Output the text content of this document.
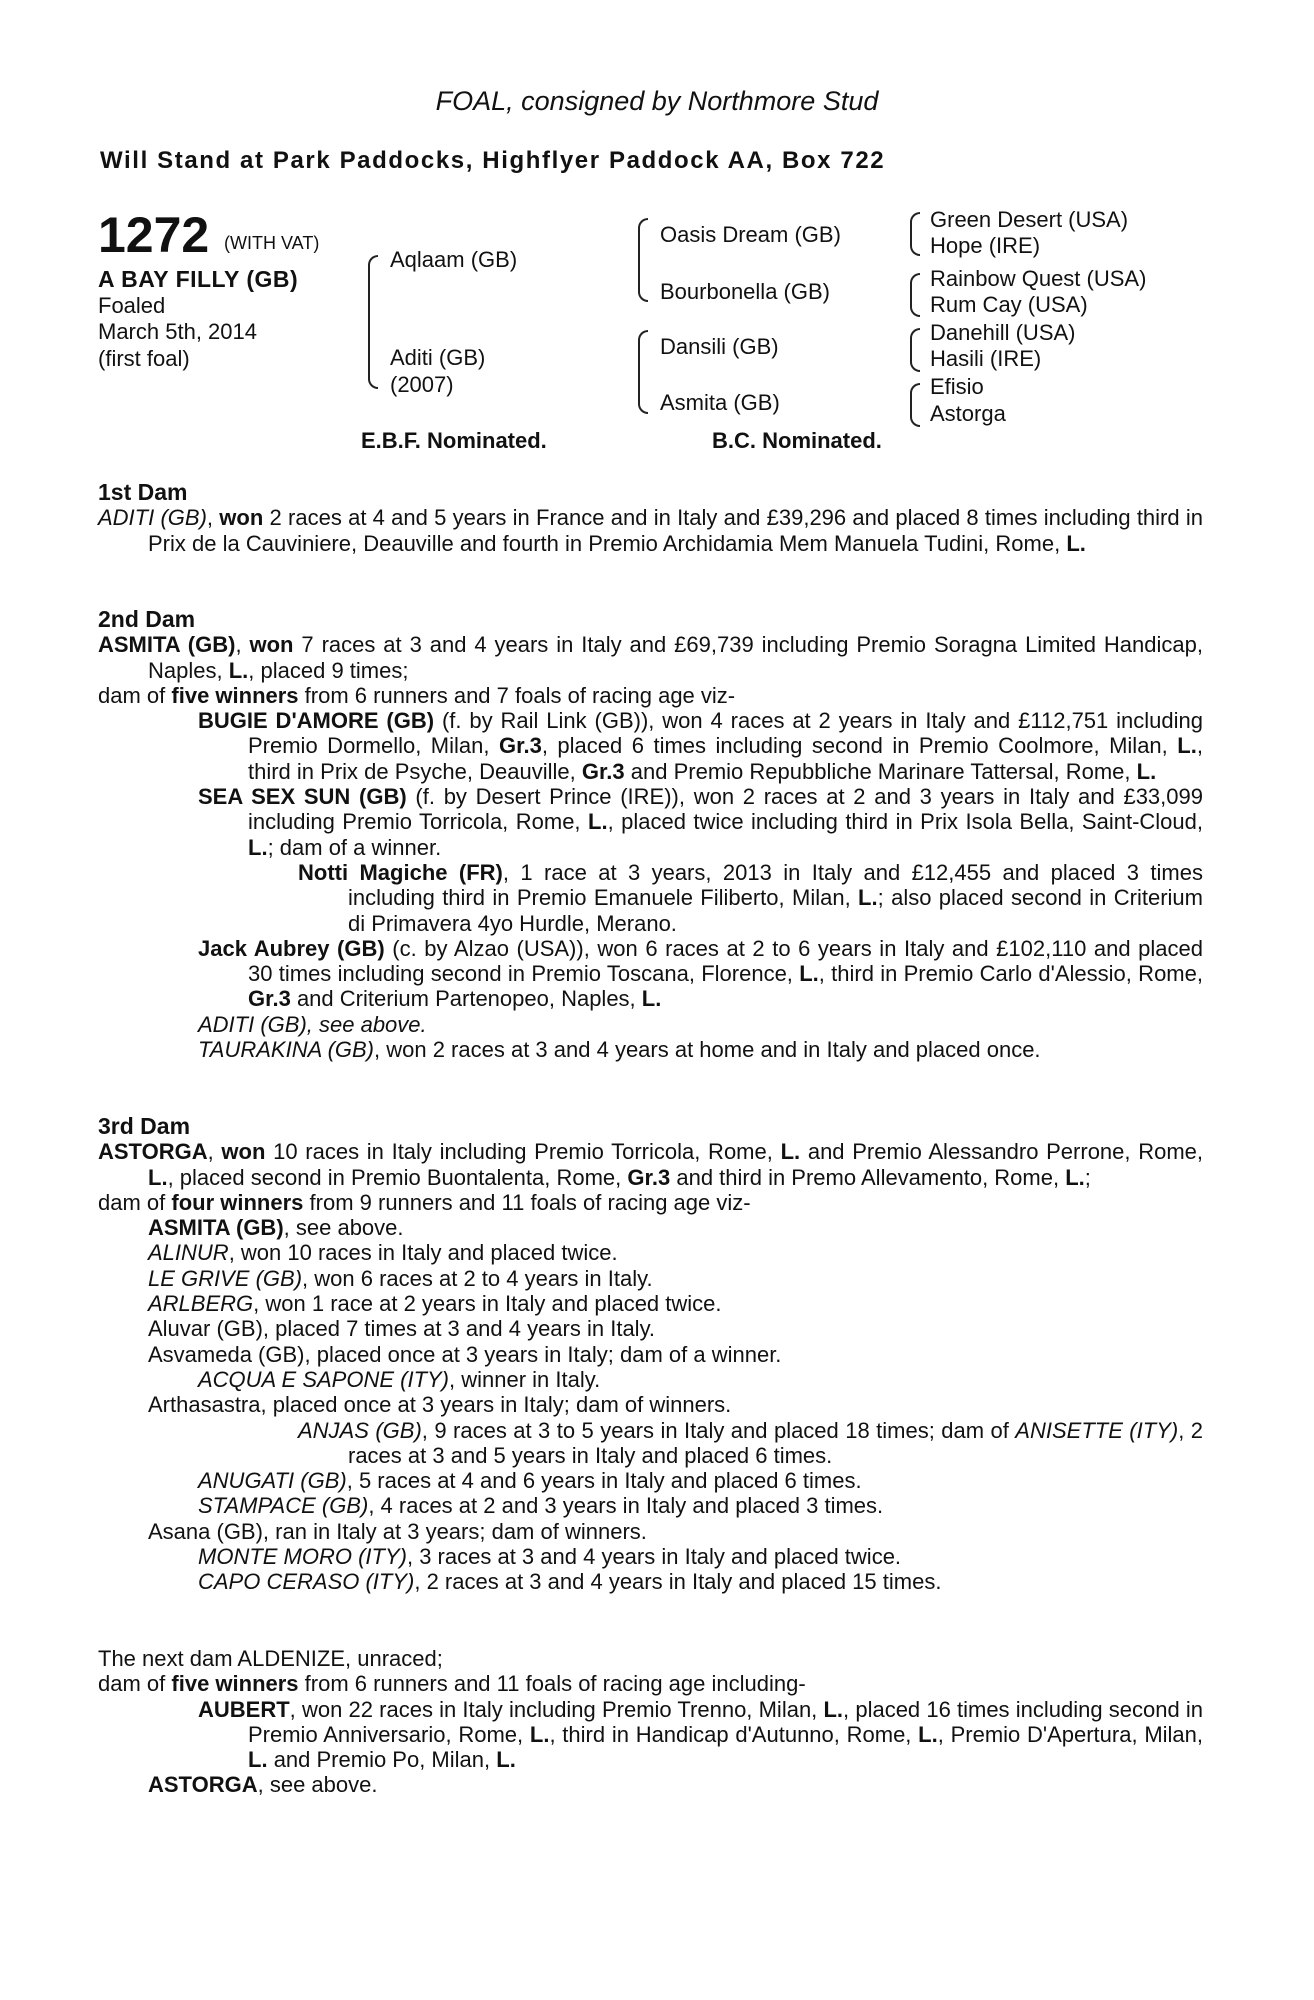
FOAL, consigned by Northmore Stud
Will Stand at Park Paddocks, Highflyer Paddock AA, Box 722
1272 (WITH VAT)
A BAY FILLY (GB)
Foaled
March 5th, 2014
(first foal)
Aqlaam (GB)
Aditi (GB)
(2007)
Oasis Dream (GB)
Bourbonella (GB)
Dansili (GB)
Asmita (GB)
Green Desert (USA)
Hope (IRE)
Rainbow Quest (USA)
Rum Cay (USA)
Danehill (USA)
Hasili (IRE)
Efisio
Astorga
E.B.F. Nominated.	B.C. Nominated.

1st Dam

ADITI (GB), won 2 races at 4 and 5 years in France and in Italy and £39,296 and placed 8 times including third in Prix de la Cauviniere, Deauville and fourth in Premio Archidamia Mem Manuela Tudini, Rome, L.

2nd Dam

ASMITA (GB), won 7 races at 3 and 4 years in Italy and £69,739 including Premio Soragna Limited Handicap, Naples, L., placed 9 times;

dam of five winners from 6 runners and 7 foals of racing age viz-

BUGIE D'AMORE (GB) (f. by Rail Link (GB)), won 4 races at 2 years in Italy and £112,751 including Premio Dormello, Milan, Gr.3, placed 6 times including second in Premio Coolmore, Milan, L., third in Prix de Psyche, Deauville, Gr.3 and Premio Repubbliche Marinare Tattersal, Rome, L.

SEA SEX SUN (GB) (f. by Desert Prince (IRE)), won 2 races at 2 and 3 years in Italy and £33,099 including Premio Torricola, Rome, L., placed twice including third in Prix Isola Bella, Saint-Cloud, L.; dam of a winner.

Notti Magiche (FR), 1 race at 3 years, 2013 in Italy and £12,455 and placed 3 times including third in Premio Emanuele Filiberto, Milan, L.; also placed second in Criterium di Primavera 4yo Hurdle, Merano.

Jack Aubrey (GB) (c. by Alzao (USA)), won 6 races at 2 to 6 years in Italy and £102,110 and placed 30 times including second in Premio Toscana, Florence, L., third in Premio Carlo d'Alessio, Rome, Gr.3 and Criterium Partenopeo, Naples, L.

ADITI (GB), see above.

TAURAKINA (GB), won 2 races at 3 and 4 years at home and in Italy and placed once.

3rd Dam

ASTORGA, won 10 races in Italy including Premio Torricola, Rome, L. and Premio Alessandro Perrone, Rome, L., placed second in Premio Buontalenta, Rome, Gr.3 and third in Premo Allevamento, Rome, L.;

dam of four winners from 9 runners and 11 foals of racing age viz-

ASMITA (GB), see above.

ALINUR, won 10 races in Italy and placed twice.

LE GRIVE (GB), won 6 races at 2 to 4 years in Italy.

ARLBERG, won 1 race at 2 years in Italy and placed twice.

Aluvar (GB), placed 7 times at 3 and 4 years in Italy.

Asvameda (GB), placed once at 3 years in Italy; dam of a winner.

ACQUA E SAPONE (ITY), winner in Italy.

Arthasastra, placed once at 3 years in Italy; dam of winners.

ANJAS (GB), 9 races at 3 to 5 years in Italy and placed 18 times; dam of ANISETTE (ITY), 2 races at 3 and 5 years in Italy and placed 6 times.

ANUGATI (GB), 5 races at 4 and 6 years in Italy and placed 6 times.

STAMPACE (GB), 4 races at 2 and 3 years in Italy and placed 3 times.

Asana (GB), ran in Italy at 3 years; dam of winners.

MONTE MORO (ITY), 3 races at 3 and 4 years in Italy and placed twice.

CAPO CERASO (ITY), 2 races at 3 and 4 years in Italy and placed 15 times.

The next dam ALDENIZE, unraced;

dam of five winners from 6 runners and 11 foals of racing age including-

AUBERT, won 22 races in Italy including Premio Trenno, Milan, L., placed 16 times including second in Premio Anniversario, Rome, L., third in Handicap d'Autunno, Rome, L., Premio D'Apertura, Milan, L. and Premio Po, Milan, L.

ASTORGA, see above.
